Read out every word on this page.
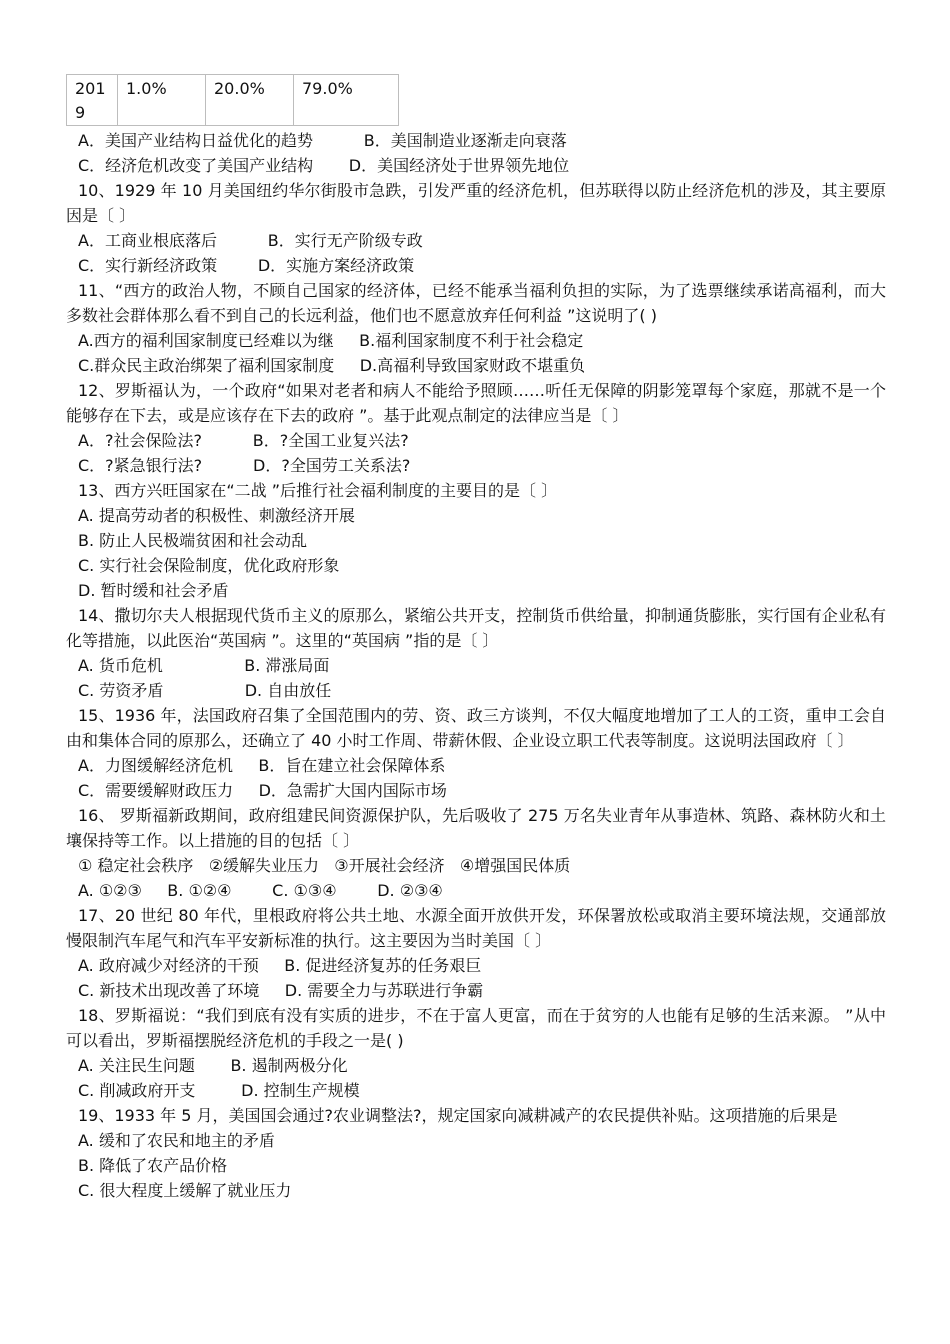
201
9	1.0%	20.0%	79.0%

A．美国产业结构日益优化的趋势          B．美国制造业逐渐走向衰落

C．经济危机改变了美国产业结构       D．美国经济处于世界领先地位

10、1929 年 10 月美国纽约华尔街股市急跌，引发严重的经济危机，但苏联得以防止经济危机的涉及，其主要原因是〔 〕

A．工商业根底落后          B．实行无产阶级专政

C．实行新经济政策        D．实施方案经济政策

11、“西方的政治人物，不顾自己国家的经济体，已经不能承当福利负担的实际，为了选票继续承诺高福利，而大多数社会群体那么看不到自己的长远利益，他们也不愿意放弃任何利益 ”这说明了( )

A.西方的福利国家制度已经难以为继     B.福利国家制度不利于社会稳定

C.群众民主政治绑架了福利国家制度     D.高福利导致国家财政不堪重负

12、罗斯福认为，一个政府“如果对老者和病人不能给予照顾……听任无保障的阴影笼罩每个家庭，那就不是一个能够存在下去，或是应该存在下去的政府 ”。基于此观点制定的法律应当是〔 〕

A．?社会保险法?          B．?全国工业复兴法?

C．?紧急银行法?          D．?全国劳工关系法?

13、西方兴旺国家在“二战 ”后推行社会福利制度的主要目的是〔 〕

A. 提高劳动者的积极性、刺激经济开展

B. 防止人民极端贫困和社会动乱

C. 实行社会保险制度，优化政府形象

D. 暂时缓和社会矛盾

14、撒切尔夫人根据现代货币主义的原那么，紧缩公共开支，控制货币供给量，抑制通货膨胀，实行国有企业私有化等措施，以此医治“英国病 ”。这里的“英国病 ”指的是〔 〕

A. 货币危机                B. 滞涨局面

C. 劳资矛盾                D. 自由放任

15、1936 年，法国政府召集了全国范围内的劳、资、政三方谈判，不仅大幅度地增加了工人的工资，重申工会自由和集体合同的原那么，还确立了 40 小时工作周、带薪休假、企业设立职工代表等制度。这说明法国政府〔 〕

A．力图缓解经济危机     B．旨在建立社会保障体系

C．需要缓解财政压力     D．急需扩大国内国际市场

16、 罗斯福新政期间，政府组建民间资源保护队，先后吸收了 275 万名失业青年从事造林、筑路、森林防火和土壤保持等工作。以上措施的目的包括〔 〕

① 稳定社会秩序   ②缓解失业压力   ③开展社会经济   ④增强国民体质

A. ①②③     B. ①②④        C. ①③④        D. ②③④

17、20 世纪 80 年代，里根政府将公共土地、水源全面开放供开发，环保署放松或取消主要环境法规，交通部放慢限制汽车尾气和汽车平安新标准的执行。这主要因为当时美国〔 〕

A. 政府减少对经济的干预     B. 促进经济复苏的任务艰巨

C. 新技术出现改善了环境     D. 需要全力与苏联进行争霸

18、罗斯福说：“我们到底有没有实质的进步，不在于富人更富，而在于贫穷的人也能有足够的生活来源。 ”从中可以看出，罗斯福摆脱经济危机的手段之一是( )

A. 关注民生问题       B. 遏制两极分化

C. 削减政府开支         D. 控制生产规模

19、1933 年 5 月，美国国会通过?农业调整法?，规定国家向减耕减产的农民提供补贴。这项措施的后果是

A. 缓和了农民和地主的矛盾

B. 降低了农产品价格

C. 很大程度上缓解了就业压力
